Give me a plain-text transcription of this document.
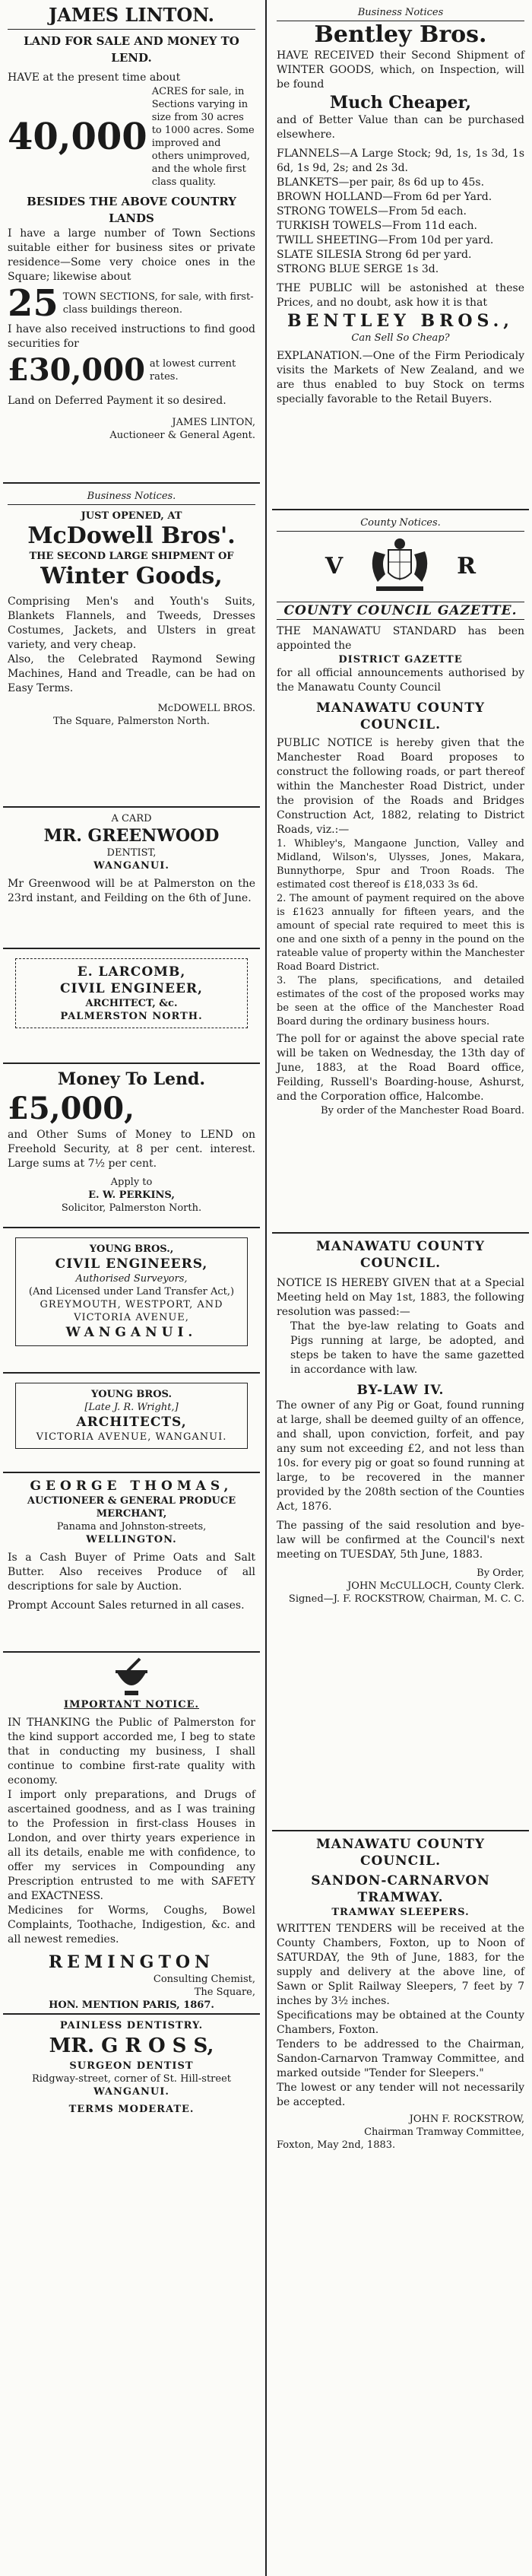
JAMES LINTON.
LAND FOR SALE AND MONEY TO LEND.
HAVE at the present time about
40,000
ACRES for sale, in Sections varying in size from 30 acres to 1000 acres. Some improved and others unimproved, and the whole first class quality.
BESIDES THE ABOVE COUNTRY LANDS
I have a large number of Town Sections suitable either for business sites or private residence—Some very choice ones in the Square; likewise about
25 TOWN SECTIONS, for sale, with first-class buildings thereon.
I have also received instructions to find good securities for
£30,000 at lowest current rates.
Land on Deferred Payment it so desired.
JAMES LINTON,
Auctioneer & General Agent.
Business Notices.
JUST OPENED, AT
McDowell Bros'.
THE SECOND LARGE SHIPMENT OF
Winter Goods,
Comprising Men's and Youth's Suits, Blankets Flannels, and Tweeds, Dresses Costumes, Jackets, and Ulsters in great variety, and very cheap.
Also, the Celebrated Raymond Sewing Machines, Hand and Treadle, can be had on Easy Terms.
McDOWELL BROS.
The Square, Palmerston North.
A CARD
MR. GREENWOOD
DENTIST,
WANGANUI.
Mr Greenwood will be at Palmerston on the 23rd instant, and Feilding on the 6th of June.
E. LARCOMB,
CIVIL ENGINEER,
ARCHITECT, &c.
PALMERSTON NORTH.
Money To Lend.
£5,000,
and Other Sums of Money to LEND on Freehold Security, at 8 per cent. interest. Large sums at 7½ per cent.
Apply to
E. W. PERKINS,
Solicitor, Palmerston North.
YOUNG BROS.,
CIVIL ENGINEERS,
Authorised Surveyors,
(And Licensed under Land Transfer Act,)
GREYMOUTH, WESTPORT, AND VICTORIA AVENUE,
WANGANUI.
YOUNG BROS.
[Late J. R. Wright,]
ARCHITECTS,
VICTORIA AVENUE, WANGANUI.
GEORGE THOMAS,
AUCTIONEER & GENERAL PRODUCE MERCHANT,
Panama and Johnston-streets,
WELLINGTON.
Is a Cash Buyer of Prime Oats and Salt Butter. Also receives Produce of all descriptions for sale by Auction.
Prompt Account Sales returned in all cases.
IMPORTANT NOTICE.
IN THANKING the Public of Palmerston for the kind support accorded me, I beg to state that in conducting my business, I shall continue to combine first-rate quality with economy.
I import only preparations, and Drugs of ascertained goodness, and as I was training to the Profession in first-class Houses in London, and over thirty years experience in all its details, enable me with confidence, to offer my services in Compounding any Prescription entrusted to me with SAFETY and EXACTNESS.
Medicines for Worms, Coughs, Bowel Complaints, Toothache, Indigestion, &c. and all newest remedies.
REMINGTON
Consulting Chemist,
The Square,
HON. MENTION PARIS, 1867.
PAINLESS DENTISTRY.
MR. G R O S S,
SURGEON DENTIST
Ridgway-street, corner of St. Hill-street
WANGANUI.
TERMS MODERATE.
Business Notices
Bentley Bros.
HAVE RECEIVED their Second Shipment of WINTER GOODS, which, on Inspection, will be found
Much Cheaper,
and of Better Value than can be purchased elsewhere.
FLANNELS—A Large Stock; 9d, 1s, 1s 3d, 1s 6d, 1s 9d, 2s; and 2s 3d.
BLANKETS—per pair, 8s 6d up to 45s.
BROWN HOLLAND—From 6d per Yard.
STRONG TOWELS—From 5d each.
TURKISH TOWELS—From 11d each.
TWILL SHEETING—From 10d per yard.
SLATE SILESIA Strong 6d per yard.
STRONG BLUE SERGE 1s 3d.
THE PUBLIC will be astonished at these Prices, and no doubt, ask how it is that
BENTLEY BROS.,
Can Sell So Cheap?
EXPLANATION.—One of the Firm Periodicaly visits the Markets of New Zealand, and we are thus enabled to buy Stock on terms specially favorable to the Retail Buyers.
County Notices.
V	R
COUNTY COUNCIL GAZETTE.
THE MANAWATU STANDARD has been appointed the
DISTRICT GAZETTE
for all official announcements authorised by the Manawatu County Council
MANAWATU COUNTY COUNCIL.
PUBLIC NOTICE is hereby given that the Manchester Road Board proposes to construct the following roads, or part thereof within the Manchester Road District, under the provision of the Roads and Bridges Construction Act, 1882, relating to District Roads, viz.:—
1. Whibley's, Mangaone Junction, Valley and Midland, Wilson's, Ulysses, Jones, Makara, Bunnythorpe, Spur and Troon Roads. The estimated cost thereof is £18,033 3s 6d.
2. The amount of payment required on the above is £1623 annually for fifteen years, and the amount of special rate required to meet this is one and one sixth of a penny in the pound on the rateable value of property within the Manchester Road Board District.
3. The plans, specifications, and detailed estimates of the cost of the proposed works may be seen at the office of the Manchester Road Board during the ordinary business hours.
The poll for or against the above special rate will be taken on Wednesday, the 13th day of June, 1883, at the Road Board office, Feilding, Russell's Boarding-house, Ashurst, and the Corporation office, Halcombe.
By order of the Manchester Road Board.
MANAWATU COUNTY COUNCIL.
NOTICE IS HEREBY GIVEN that at a Special Meeting held on May 1st, 1883, the following resolution was passed:—
That the bye-law relating to Goats and Pigs running at large, be adopted, and steps be taken to have the same gazetted in accordance with law.
BY-LAW IV.
The owner of any Pig or Goat, found running at large, shall be deemed guilty of an offence, and shall, upon conviction, forfeit, and pay any sum not exceeding £2, and not less than 10s. for every pig or goat so found running at large, to be recovered in the manner provided by the 208th section of the Counties Act, 1876.
The passing of the said resolution and bye-law will be confirmed at the Council's next meeting on TUESDAY, 5th June, 1883.
By Order,
JOHN McCULLOCH, County Clerk.
Signed—J. F. ROCKSTROW, Chairman, M. C. C.
MANAWATU COUNTY COUNCIL.
SANDON-CARNARVON TRAMWAY.
TRAMWAY SLEEPERS.
WRITTEN TENDERS will be received at the County Chambers, Foxton, up to Noon of SATURDAY, the 9th of June, 1883, for the supply and delivery at the above line, of Sawn or Split Railway Sleepers, 7 feet by 7 inches by 3½ inches.
Specifications may be obtained at the County Chambers, Foxton.
Tenders to be addressed to the Chairman, Sandon-Carnarvon Tramway Committee, and marked outside "Tender for Sleepers."
The lowest or any tender will not necessarily be accepted.
JOHN F. ROCKSTROW,
Chairman Tramway Committee,
Foxton, May 2nd, 1883.
